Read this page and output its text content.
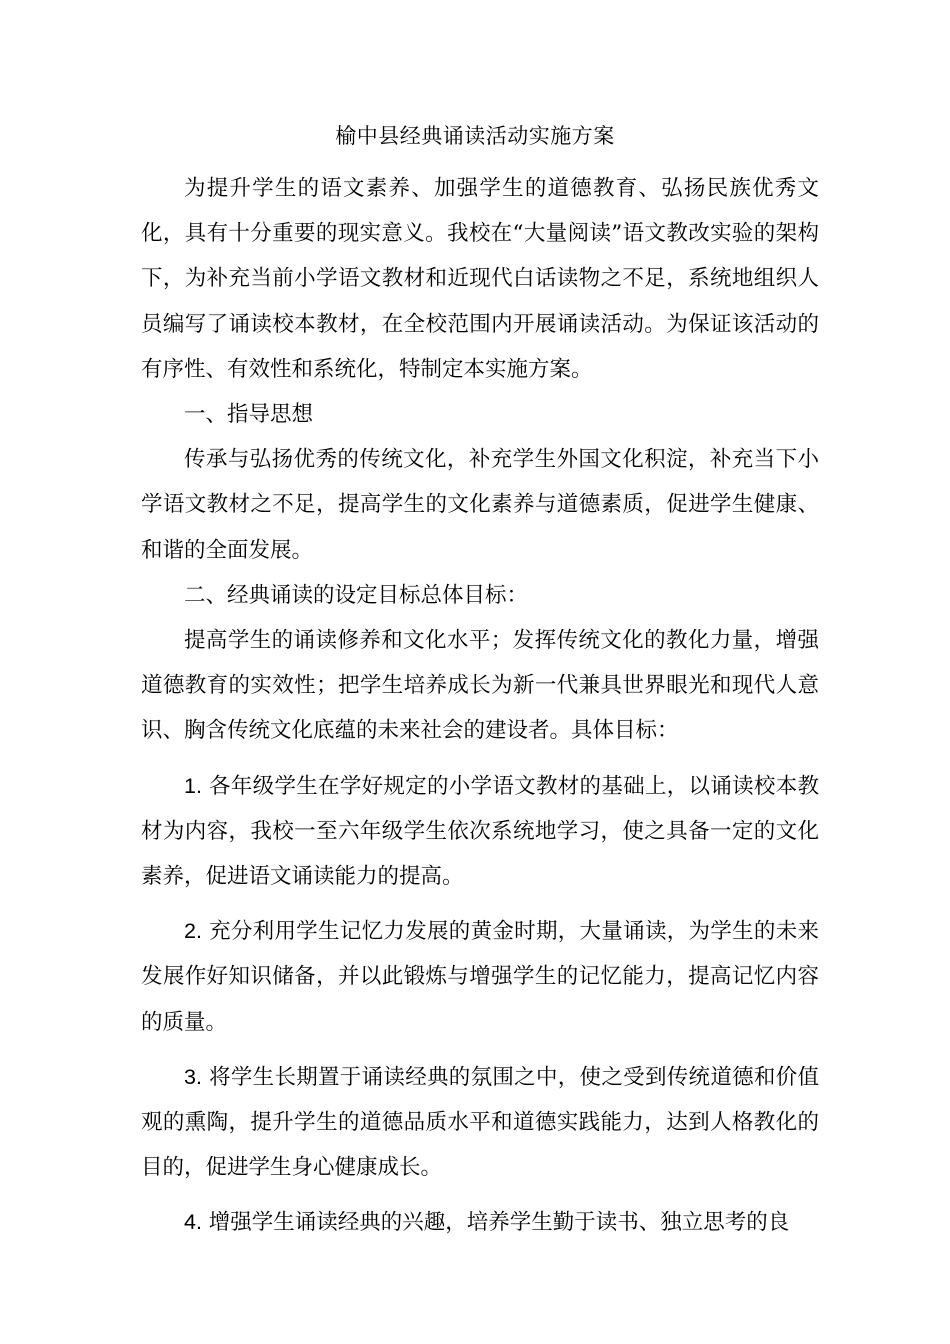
榆中县经典诵读活动实施方案

为提升学生的语文素养、加强学生的道德教育、弘扬民族优秀文化，具有十分重要的现实意义。我校在“大量阅读”语文教改实验的架构下，为补充当前小学语文教材和近现代白话读物之不足，系统地组织人员编写了诵读校本教材，在全校范围内开展诵读活动。为保证该活动的有序性、有效性和系统化，特制定本实施方案。

一、指导思想

传承与弘扬优秀的传统文化，补充学生外国文化积淀，补充当下小学语文教材之不足，提高学生的文化素养与道德素质，促进学生健康、和谐的全面发展。

二、经典诵读的设定目标总体目标：

提高学生的诵读修养和文化水平；发挥传统文化的教化力量，增强道德教育的实效性；把学生培养成长为新一代兼具世界眼光和现代人意识、胸含传统文化底蕴的未来社会的建设者。具体目标：

1. 各年级学生在学好规定的小学语文教材的基础上，以诵读校本教材为内容，我校一至六年级学生依次系统地学习，使之具备一定的文化素养，促进语文诵读能力的提高。

2. 充分利用学生记忆力发展的黄金时期，大量诵读，为学生的未来发展作好知识储备，并以此锻炼与增强学生的记忆能力，提高记忆内容的质量。

3. 将学生长期置于诵读经典的氛围之中，使之受到传统道德和价值观的熏陶，提升学生的道德品质水平和道德实践能力，达到人格教化的目的，促进学生身心健康成长。

4. 增强学生诵读经典的兴趣，培养学生勤于读书、独立思考的良
